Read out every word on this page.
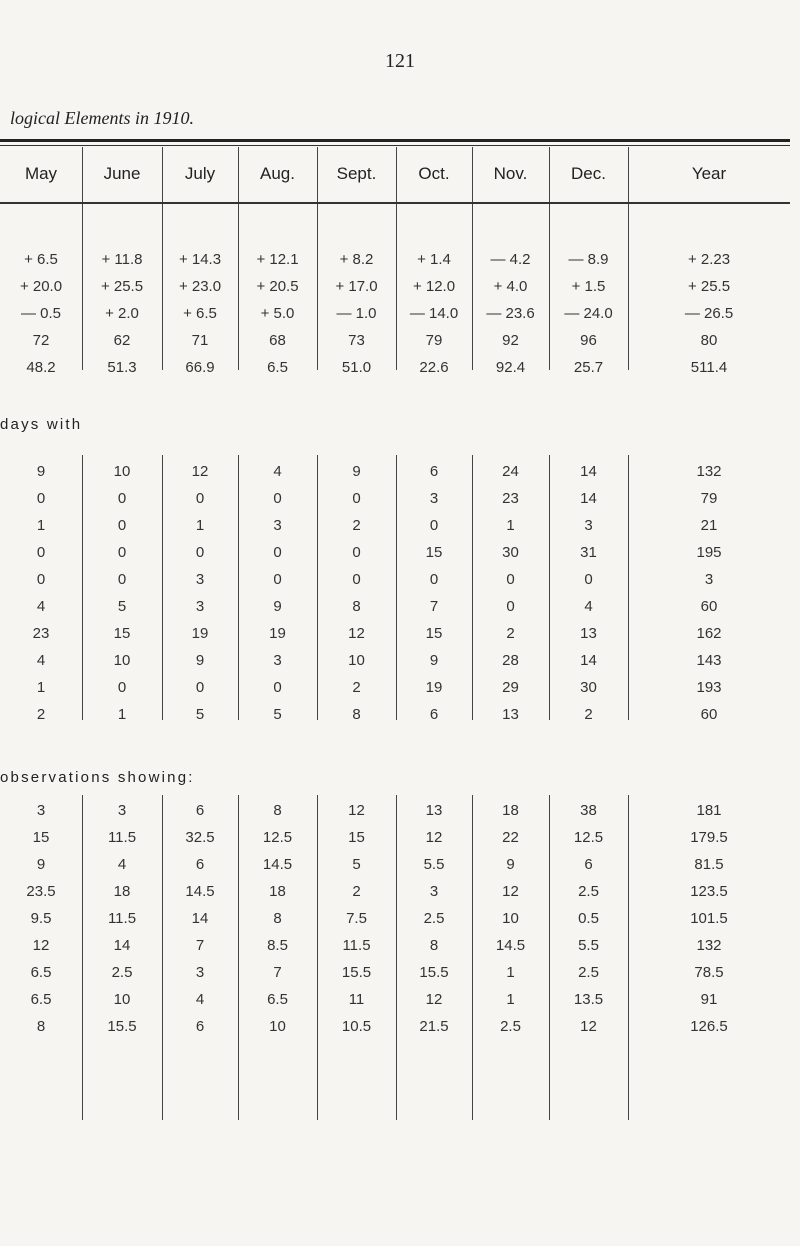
121
logical Elements in 1910.
May	June	July	Aug.	Sept.	Oct.	Nov.	Dec.	Year
+ 6.5	+ 11.8	+ 14.3	+ 12.1	+ 8.2	+ 1.4	— 4.2	— 8.9	+ 2.23
+ 20.0	+ 25.5	+ 23.0	+ 20.5	+ 17.0	+ 12.0	+ 4.0	+ 1.5	+ 25.5
— 0.5	+ 2.0	+ 6.5	+ 5.0	— 1.0	— 14.0	— 23.6	— 24.0	— 26.5
72	62	71	68	73	79	92	96	80
48.2	51.3	66.9	6.5	51.0	22.6	92.4	25.7	511.4
days with
9	10	12	4	9	6	24	14	132
0	0	0	0	0	3	23	14	79
1	0	1	3	2	0	1	3	21
0	0	0	0	0	15	30	31	195
0	0	3	0	0	0	0	0	3
4	5	3	9	8	7	0	4	60
23	15	19	19	12	15	2	13	162
4	10	9	3	10	9	28	14	143
1	0	0	0	2	19	29	30	193
2	1	5	5	8	6	13	2	60
observations showing:
3	3	6	8	12	13	18	38	181
15	11.5	32.5	12.5	15	12	22	12.5	179.5
9	4	6	14.5	5	5.5	9	6	81.5
23.5	18	14.5	18	2	3	12	2.5	123.5
9.5	11.5	14	8	7.5	2.5	10	0.5	101.5
12	14	7	8.5	11.5	8	14.5	5.5	132
6.5	2.5	3	7	15.5	15.5	1	2.5	78.5
6.5	10	4	6.5	11	12	1	13.5	91
8	15.5	6	10	10.5	21.5	2.5	12	126.5
